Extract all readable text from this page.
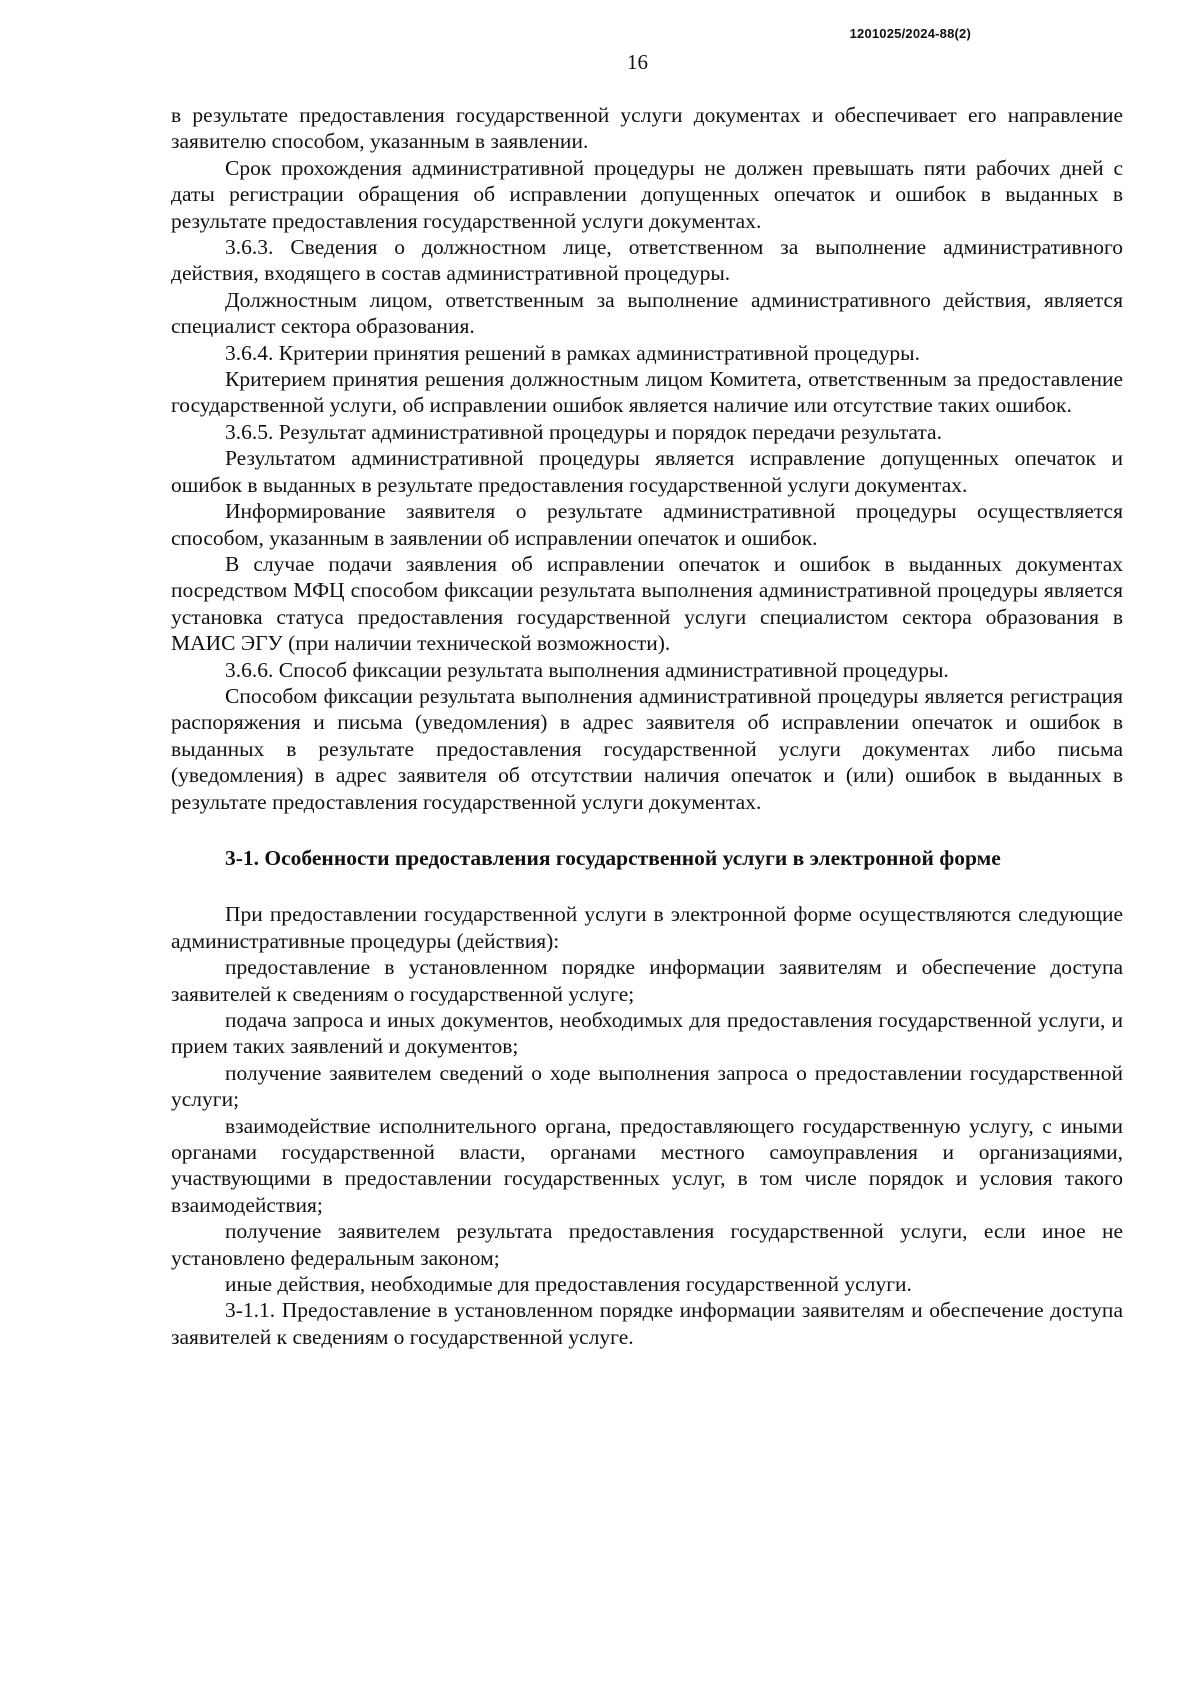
1201025/2024-88(2)
16

в результате предоставления государственной услуги документах и обеспечивает его направление заявителю способом, указанным в заявлении.

Срок прохождения административной процедуры не должен превышать пяти рабочих дней с даты регистрации обращения об исправлении допущенных опечаток и ошибок в выданных в результате предоставления государственной услуги документах.

3.6.3. Сведения о должностном лице, ответственном за выполнение административного действия, входящего в состав административной процедуры.

Должностным лицом, ответственным за выполнение административного действия, является специалист сектора образования.

3.6.4. Критерии принятия решений в рамках административной процедуры.

Критерием принятия решения должностным лицом Комитета, ответственным за предоставление государственной услуги, об исправлении ошибок является наличие или отсутствие таких ошибок.

3.6.5. Результат административной процедуры и порядок передачи результата.

Результатом административной процедуры является исправление допущенных опечаток и ошибок в выданных в результате предоставления государственной услуги документах.

Информирование заявителя о результате административной процедуры осуществляется способом, указанным в заявлении об исправлении опечаток и ошибок.

В случае подачи заявления об исправлении опечаток и ошибок в выданных документах посредством МФЦ способом фиксации результата выполнения административной процедуры является установка статуса предоставления государственной услуги специалистом сектора образования в МАИС ЭГУ (при наличии технической возможности).

3.6.6. Способ фиксации результата выполнения административной процедуры.

Способом фиксации результата выполнения административной процедуры является регистрация распоряжения и письма (уведомления) в адрес заявителя об исправлении опечаток и ошибок в выданных в результате предоставления государственной услуги документах либо письма (уведомления) в адрес заявителя об отсутствии наличия опечаток и (или) ошибок в выданных в результате предоставления государственной услуги документах.

3-1. Особенности предоставления государственной услуги в электронной форме

При предоставлении государственной услуги в электронной форме осуществляются следующие административные процедуры (действия):

предоставление в установленном порядке информации заявителям и обеспечение доступа заявителей к сведениям о государственной услуге;

подача запроса и иных документов, необходимых для предоставления государственной услуги, и прием таких заявлений и документов;

получение заявителем сведений о ходе выполнения запроса о предоставлении государственной услуги;

взаимодействие исполнительного органа, предоставляющего государственную услугу, с иными органами государственной власти, органами местного самоуправления и организациями, участвующими в предоставлении государственных услуг, в том числе порядок и условия такого взаимодействия;

получение заявителем результата предоставления государственной услуги, если иное не установлено федеральным законом;

иные действия, необходимые для предоставления государственной услуги.

3-1.1. Предоставление в установленном порядке информации заявителям и обеспечение доступа заявителей к сведениям о государственной услуге.
